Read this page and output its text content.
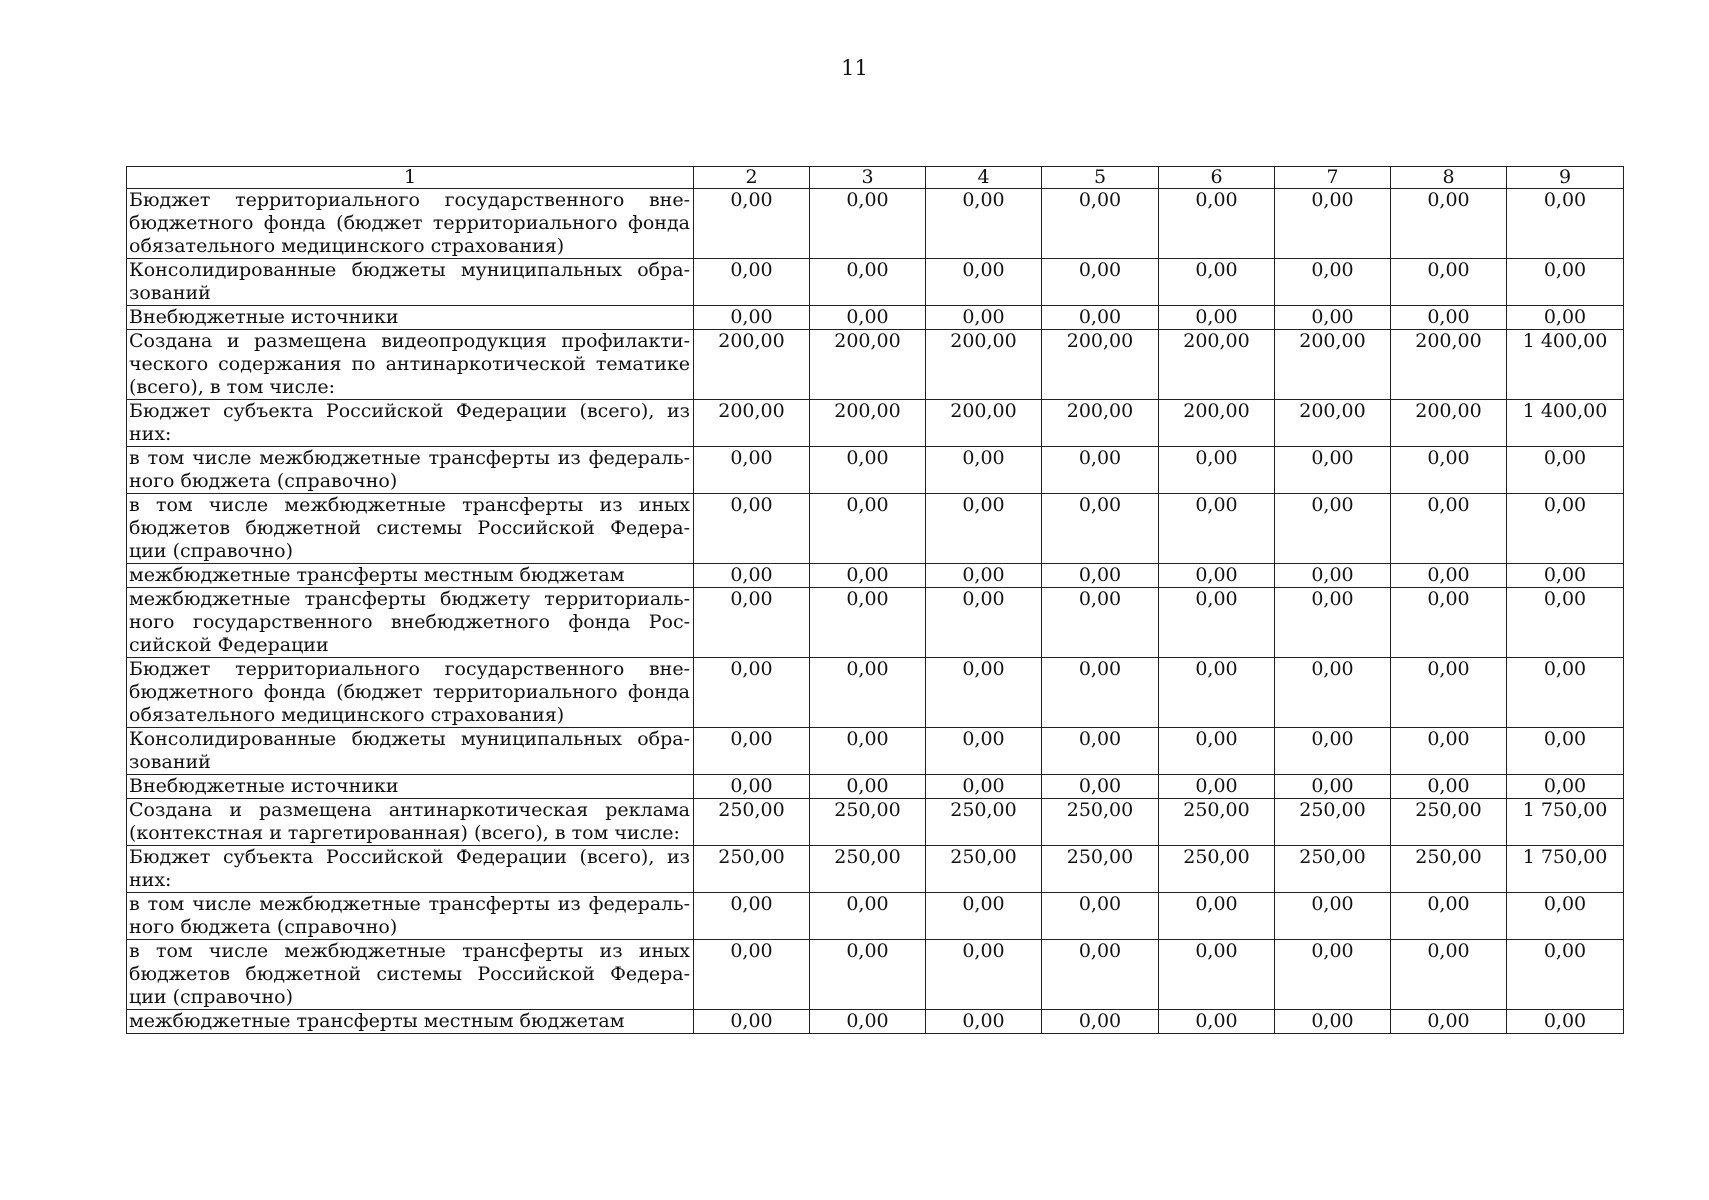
11
1	2	3	4	5	6	7	8	9
Бюджет территориального государственного вне-бюджетного фонда (бюджет территориального фонда обязательного медицинского страхования)	0,00	0,00	0,00	0,00	0,00	0,00	0,00	0,00
Консолидированные бюджеты муниципальных обра-зований	0,00	0,00	0,00	0,00	0,00	0,00	0,00	0,00
Внебюджетные источники	0,00	0,00	0,00	0,00	0,00	0,00	0,00	0,00
Создана и размещена видеопродукция профилакти-ческого содержания по антинаркотической тематике (всего), в том числе:	200,00	200,00	200,00	200,00	200,00	200,00	200,00	1 400,00
Бюджет субъекта Российской Федерации (всего), из них:	200,00	200,00	200,00	200,00	200,00	200,00	200,00	1 400,00
в том числе межбюджетные трансферты из федераль-ного бюджета (справочно)	0,00	0,00	0,00	0,00	0,00	0,00	0,00	0,00
в том числе межбюджетные трансферты из иных бюджетов бюджетной системы Российской Федера-ции (справочно)	0,00	0,00	0,00	0,00	0,00	0,00	0,00	0,00
межбюджетные трансферты местным бюджетам	0,00	0,00	0,00	0,00	0,00	0,00	0,00	0,00
межбюджетные трансферты бюджету территориаль-ного государственного внебюджетного фонда Рос-сийской Федерации	0,00	0,00	0,00	0,00	0,00	0,00	0,00	0,00
Бюджет территориального государственного вне-бюджетного фонда (бюджет территориального фонда обязательного медицинского страхования)	0,00	0,00	0,00	0,00	0,00	0,00	0,00	0,00
Консолидированные бюджеты муниципальных обра-зований	0,00	0,00	0,00	0,00	0,00	0,00	0,00	0,00
Внебюджетные источники	0,00	0,00	0,00	0,00	0,00	0,00	0,00	0,00
Создана и размещена антинаркотическая реклама (контекстная и таргетированная) (всего), в том числе:	250,00	250,00	250,00	250,00	250,00	250,00	250,00	1 750,00
Бюджет субъекта Российской Федерации (всего), из них:	250,00	250,00	250,00	250,00	250,00	250,00	250,00	1 750,00
в том числе межбюджетные трансферты из федераль-ного бюджета (справочно)	0,00	0,00	0,00	0,00	0,00	0,00	0,00	0,00
в том числе межбюджетные трансферты из иных бюджетов бюджетной системы Российской Федера-ции (справочно)	0,00	0,00	0,00	0,00	0,00	0,00	0,00	0,00
межбюджетные трансферты местным бюджетам	0,00	0,00	0,00	0,00	0,00	0,00	0,00	0,00
